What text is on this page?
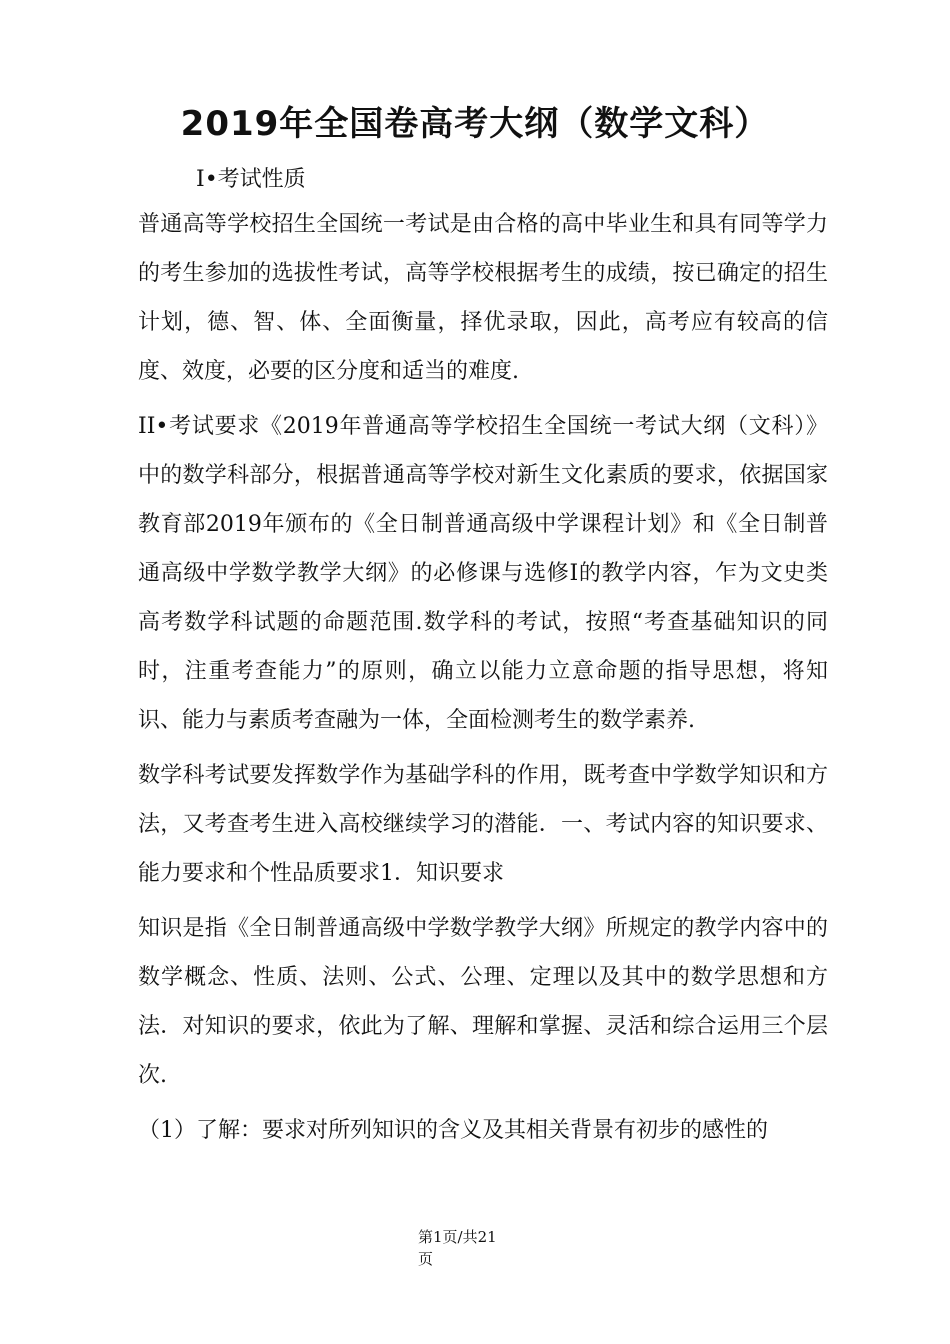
2019年全国卷高考大纲（数学文科）
I•考试性质

普通高等学校招生全国统一考试是由合格的高中毕业生和具有同等学力的考生参加的选拔性考试，高等学校根据考生的成绩，按已确定的招生计划，德、智、体、全面衡量，择优录取，因此，高考应有较高的信度、效度，必要的区分度和适当的难度.

II•考试要求《2019年普通高等学校招生全国统一考试大纲（文科）》中的数学科部分，根据普通高等学校对新生文化素质的要求，依据国家教育部2019年颁布的《全日制普通高级中学课程计划》和《全日制普通高级中学数学教学大纲》的必修课与选修I的教学内容，乍为文史类高考数学科试题的命题范围.数学科的考试，按照“考查基础知识的同时，注重考查能力”的原则，确立以能力立意命题的指导思想，将知识、能力与素质考查融为一体，全面检测考生的数学素养.

数学科考试要发挥数学作为基础学科的作用，既考查中学数学知识和方法，又考查考生进入高校继续学习的潜能．一、考试内容的知识要求、能力要求和个性品质要求1．知识要求

知识是指《全日制普通高级中学数学教学大纲》所规定的教学内容中的数学概念、性质、法则、公式、公理、定理以及其中的数学思想和方法．对知识的要求，依此为了解、理解和掌握、灵活和综合运用三个层次.

（1）了解：要求对所列知识的含义及其相关背景有初步的感性的

第1页/共21
页
